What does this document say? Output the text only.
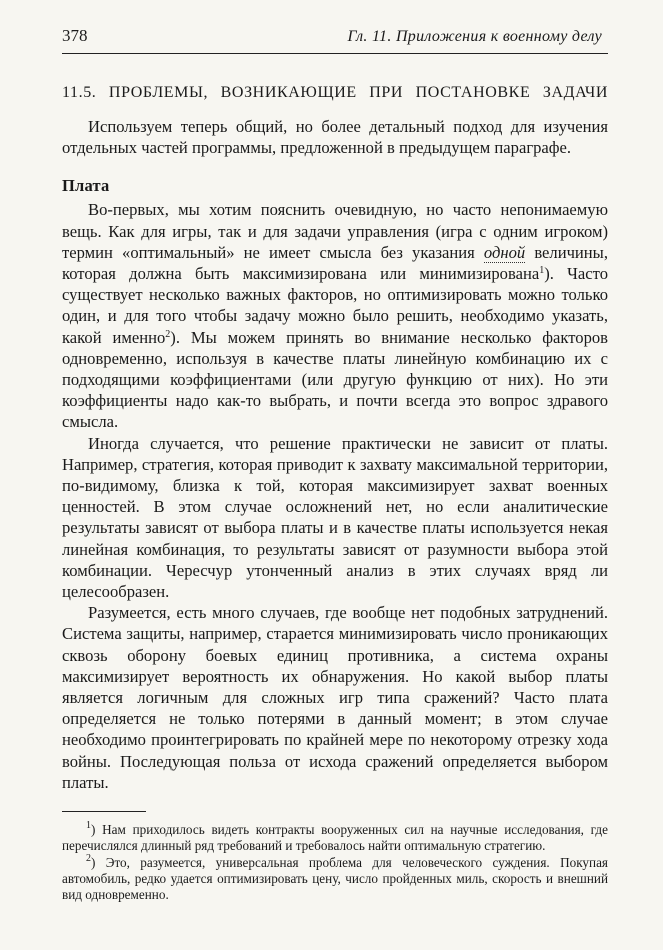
378	Гл. 11. Приложения к военному делу
11.5. ПРОБЛЕМЫ, ВОЗНИКАЮЩИЕ ПРИ ПОСТАНОВКЕ ЗАДАЧИ

Используем теперь общий, но более детальный подход для изучения отдельных частей программы, предложенной в предыдущем параграфе.

Плата

Во-первых, мы хотим пояснить очевидную, но часто непонимаемую вещь. Как для игры, так и для задачи управления (игра с одним игроком) термин «оптимальный» не имеет смысла без указания одной величины, которая должна быть максимизирована или минимизирована$^1$). Часто существует несколько важных факторов, но оптимизировать можно только один, и для того чтобы задачу можно было решить, необходимо указать, какой именно$^2$). Мы можем принять во внимание несколько факторов одновременно, используя в качестве платы линейную комбинацию их с подходящими коэффициентами (или другую функцию от них). Но эти коэффициенты надо как-то выбрать, и почти всегда это вопрос здравого смысла.

Иногда случается, что решение практически не зависит от платы. Например, стратегия, которая приводит к захвату максимальной территории, по-видимому, близка к той, которая максимизирует захват военных ценностей. В этом случае осложнений нет, но если аналитические результаты зависят от выбора платы и в качестве платы используется некая линейная комбинация, то результаты зависят от разумности выбора этой комбинации. Чересчур утонченный анализ в этих случаях вряд ли целесообразен.

Разумеется, есть много случаев, где вообще нет подобных затруднений. Система защиты, например, старается минимизировать число проникающих сквозь оборону боевых единиц противника, а система охраны максимизирует вероятность их обнаружения. Но какой выбор платы является логичным для сложных игр типа сражений? Часто плата определяется не только потерями в данный момент; в этом случае необходимо проинтегрировать по крайней мере по некоторому отрезку хода войны. Последующая польза от исхода сражений определяется выбором платы.

$^1$) Нам приходилось видеть контракты вооруженных сил на научные исследования, где перечислялся длинный ряд требований и требовалось найти оптимальную стратегию.

$^2$) Это, разумеется, универсальная проблема для человеческого суждения. Покупая автомобиль, редко удается оптимизировать цену, число пройденных миль, скорость и внешний вид одновременно.
